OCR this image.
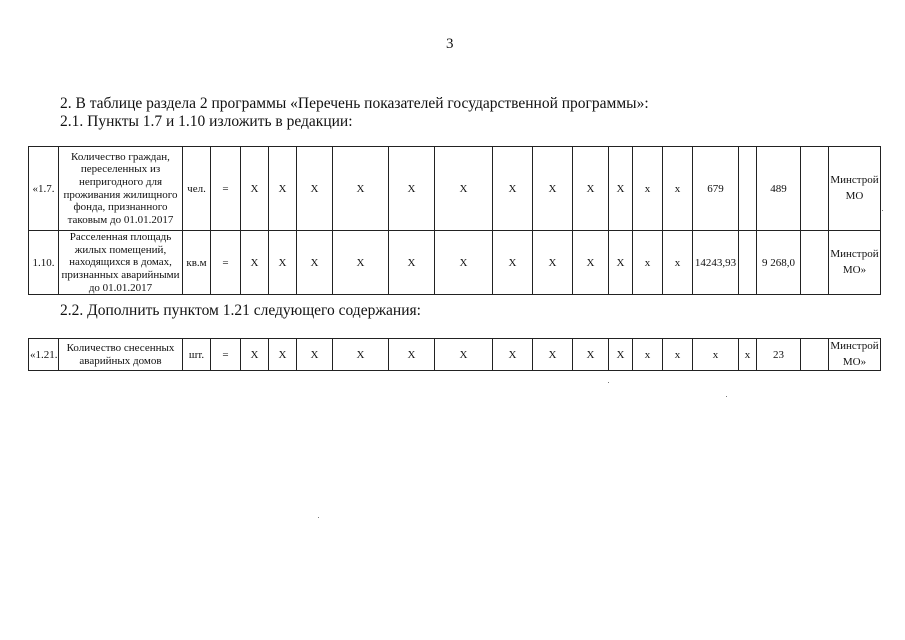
3
2. В таблице раздела 2 программы «Перечень показателей государственной программы»:
2.1. Пункты 1.7 и 1.10 изложить в редакции:
«1.7.	Количество граждан, переселенных из непригодного для проживания жилищного фонда, признанного таковым до 01.01.2017	чел.	=	X	X	X	X	X	X	X	X	X	X	x	x	679		489		Минстрой МО
1.10.	Расселенная площадь жилых помещений, находящихся в домах, признанных аварийными до 01.01.2017	кв.м	=	X	X	X	X	X	X	X	X	X	X	x	x	14243,93		9 268,0		Минстрой МО»
2.2. Дополнить пунктом 1.21 следующего содержания:
«1.21.	Количество снесенных аварийных домов	шт.	=	X	X	X	X	X	X	X	X	X	X	x	x	x	x	23		Минстрой МО»
